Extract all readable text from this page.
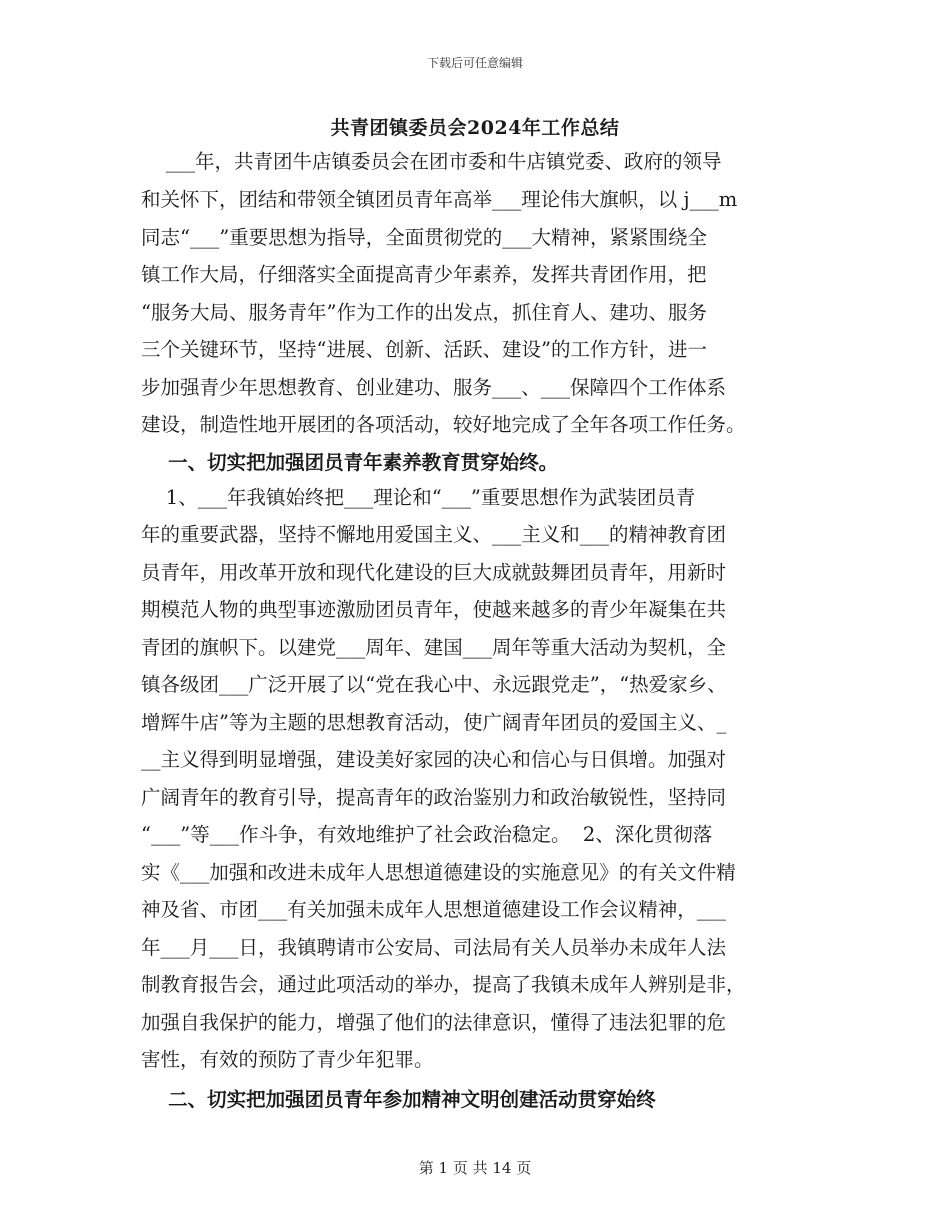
下载后可任意编辑
共青团镇委员会2024年工作总结
___年，共青团牛店镇委员会在团市委和牛店镇党委、政府的领导
和关怀下，团结和带领全镇团员青年高举___理论伟大旗帜，以 j___m
同志“___”重要思想为指导，全面贯彻党的___大精神，紧紧围绕全
镇工作大局，仔细落实全面提高青少年素养，发挥共青团作用，把
“服务大局、服务青年”作为工作的出发点，抓住育人、建功、服务
三个关键环节，坚持“进展、创新、活跃、建设”的工作方针，进一
步加强青少年思想教育、创业建功、服务___、___保障四个工作体系
建设，制造性地开展团的各项活动，较好地完成了全年各项工作任务。
一、切实把加强团员青年素养教育贯穿始终。
1、___年我镇始终把___理论和“___”重要思想作为武装团员青
年的重要武器，坚持不懈地用爱国主义、___主义和___的精神教育团
员青年，用改革开放和现代化建设的巨大成就鼓舞团员青年，用新时
期模范人物的典型事迹激励团员青年，使越来越多的青少年凝集在共
青团的旗帜下。以建党___周年、建国___周年等重大活动为契机，全
镇各级团___广泛开展了以“党在我心中、永远跟党走”，“热爱家乡、
增辉牛店”等为主题的思想教育活动，使广阔青年团员的爱国主义、_
__主义得到明显增强，建设美好家园的决心和信心与日俱增。加强对
广阔青年的教育引导，提高青年的政治鉴别力和政治敏锐性，坚持同
“___”等___作斗争，有效地维护了社会政治稳定。  2、深化贯彻落
实《___加强和改进未成年人思想道德建设的实施意见》的有关文件精
神及省、市团___有关加强未成年人思想道德建设工作会议精神，___
年___月___日，我镇聘请市公安局、司法局有关人员举办未成年人法
制教育报告会，通过此项活动的举办，提高了我镇未成年人辨别是非，
加强自我保护的能力，增强了他们的法律意识，懂得了违法犯罪的危
害性，有效的预防了青少年犯罪。
二、切实把加强团员青年参加精神文明创建活动贯穿始终
第 1 页 共 14 页
